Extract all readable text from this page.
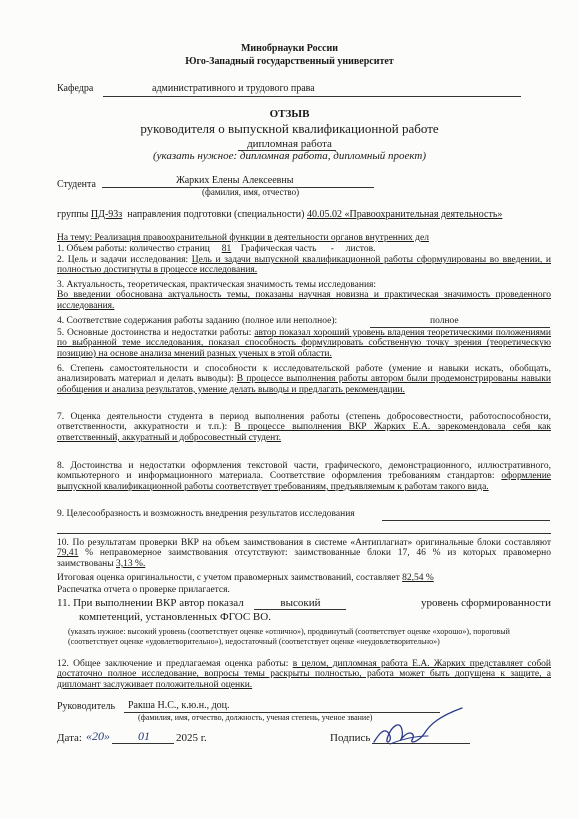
Минобрнауки России
Юго-Западный государственный университет
Кафедра	административного и трудового права
ОТЗЫВ
руководителя о выпускной квалификационной работе
дипломная работа
(указать нужное: дипломная работа, дипломный проект)
Студента	Жарких Елены Алексеевны
(фамилия, имя, отчество)
группы ПД-93з направления подготовки (специальности) 40.05.02 «Правоохранительная деятельность»
На тему: Реализация правоохранительной функции в деятельности органов внутренних дел
1. Объем работы: количество страниц 81 Графическая часть - листов.
2. Цель и задачи исследования: Цель и задачи выпускной квалификационной работы сформулированы во введении, и полностью достигнуты в процессе исследования.
3. Актуальность, теоретическая, практическая значимость темы исследования:
Во введении обоснована актуальность темы, показаны научная новизна и практическая значимость проведенного исследования.
4. Соответствие содержания работы заданию (полное или неполное):	полное
5. Основные достоинства и недостатки работы: автор показал хороший уровень владения теоретическими положениями по выбранной теме исследования, показал способность формулировать собственную точку зрения (теоретическую позицию) на основе анализа мнений разных ученых в этой области.
6. Степень самостоятельности и способности к исследовательской работе (умение и навыки искать, обобщать, анализировать материал и делать выводы): В процессе выполнения работы автором были продемонстрированы навыки обобщения и анализа результатов, умение делать выводы и предлагать рекомендации.
7. Оценка деятельности студента в период выполнения работы (степень добросовестности, работоспособности, ответственности, аккуратности и т.п.): В процессе выполнения ВКР Жарких Е.А. зарекомендовала себя как ответственный, аккуратный и добросовестный студент.
8. Достоинства и недостатки оформления текстовой части, графического, демонстрационного, иллюстративного, компьютерного и информационного материала. Соответствие оформления требованиям стандартов: оформление выпускной квалификационной работы соответствует требованиям, предъявляемым к работам такого вида.
9. Целесообразность и возможность внедрения результатов исследования
10. По результатам проверки ВКР на объем заимствования в системе «Антиплагиат» оригинальные блоки составляют 79,41 % неправомерное заимствования отсутствуют: заимствованные блоки 17, 46 % из которых правомерно заимствованы 3,13 %.
Итоговая оценка оригинальности, с учетом правомерных заимствований, составляет 82,54 %
Распечатка отчета о проверке прилагается.
11. При выполнении ВКР автор показал	высокий	уровень сформированности
компетенций, установленных ФГОС ВО.
(указать нужное: высокий уровень (соответствует оценке «отлично»), продвинутый (соответствует оценке «хорошо»), пороговый (соответствует оценке «удовлетворительно»), недостаточный (соответствует оценке «неудовлетворительно»)
12. Общее заключение и предлагаемая оценка работы: в целом, дипломная работа Е.А. Жарких представляет собой достаточно полное исследование, вопросы темы раскрыты полностью, работа может быть допущена к защите, а дипломант заслуживает положительной оценки.
Руководитель Ракша Н.С., к.ю.н., доц.
(фамилия, имя, отчество, должность, ученая степень, ученое звание)
Дата: «20» 01 2025 г.	Подпись
